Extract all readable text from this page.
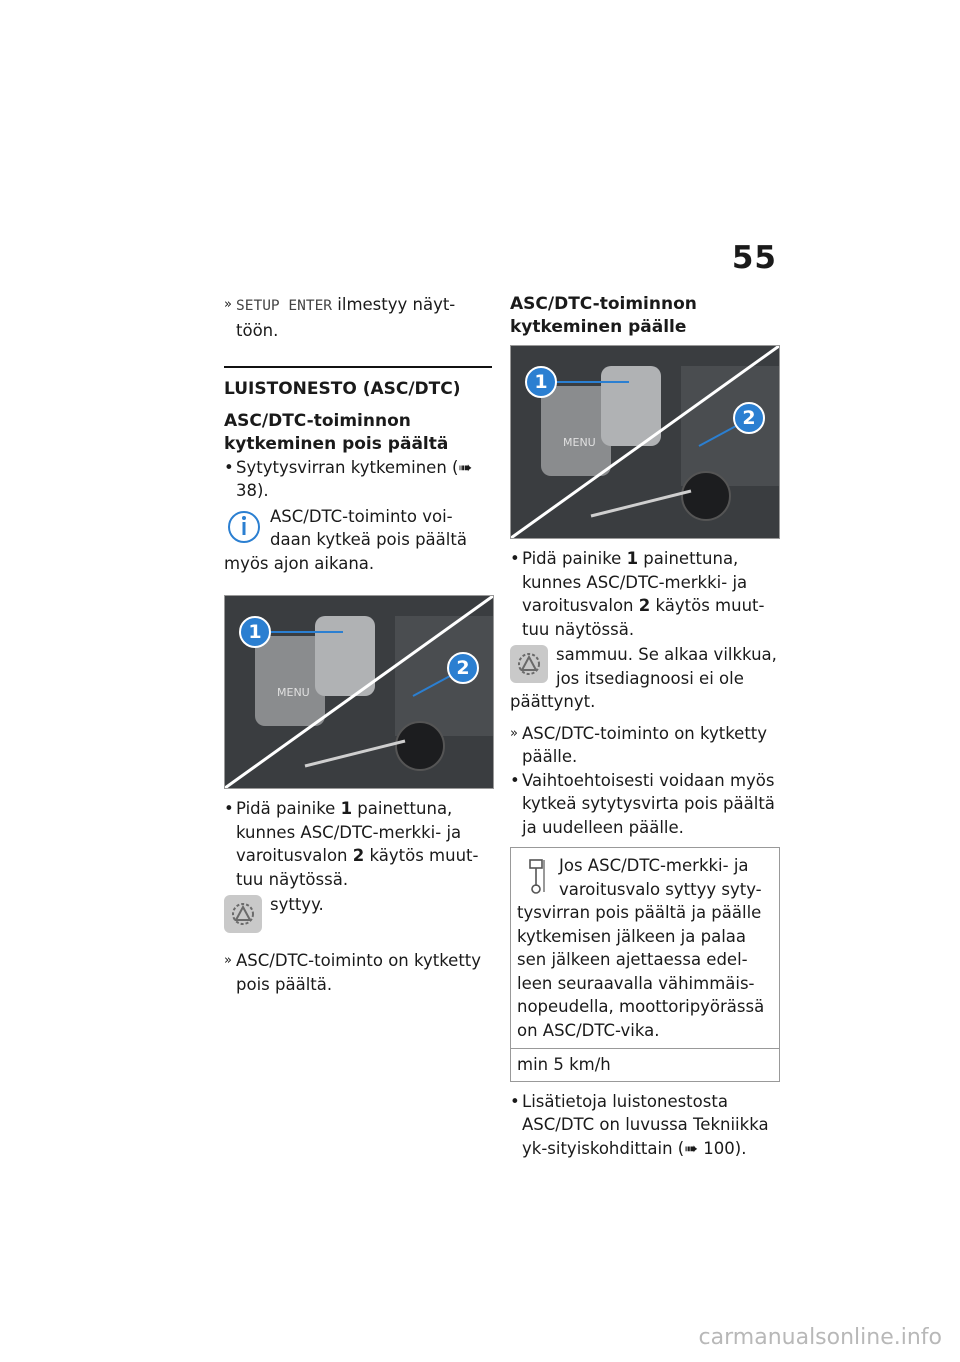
55

» SETUP ENTER ilmestyy näyt-töön.

LUISTONESTO (ASC/DTC)
ASC/DTC-toiminnon kytkeminen pois päältä

• Sytytysvirran kytkeminen (➠ 38).

ASC/DTC-toiminto voi-daan kytkeä pois päältä myös ajon aikana.

MENU
1
2

• Pidä painike 1 painettuna, kunnes ASC/DTC-merkki- ja varoitusvalon 2 käytös muut-tuu näytössä.

syttyy.

» ASC/DTC-toiminto on kytketty pois päältä.

ASC/DTC-toiminnon kytkeminen päälle
MENU
1
2

• Pidä painike 1 painettuna, kunnes ASC/DTC-merkki- ja varoitusvalon 2 käytös muut-tuu näytössä.

sammuu. Se alkaa vilkkua, jos itsediagnoosi ei ole päättynyt.

» ASC/DTC-toiminto on kytketty päälle.

• Vaihtoehtoisesti voidaan myös kytkeä sytytysvirta pois päältä ja uudelleen päälle.

Jos ASC/DTC-merkki- ja varoitusvalo syttyy syty-tysvirran pois päältä ja päälle kytkemisen jälkeen ja palaa sen jälkeen ajettaessa edel-leen seuraavalla vähimmäis-nopeudella, moottoripyörässä on ASC/DTC-vika.

min 5 km/h

• Lisätietoja luistonestosta ASC/DTC on luvussa Tekniikka yk-sityiskohdittain (➠ 100).

carmanualsonline.info
